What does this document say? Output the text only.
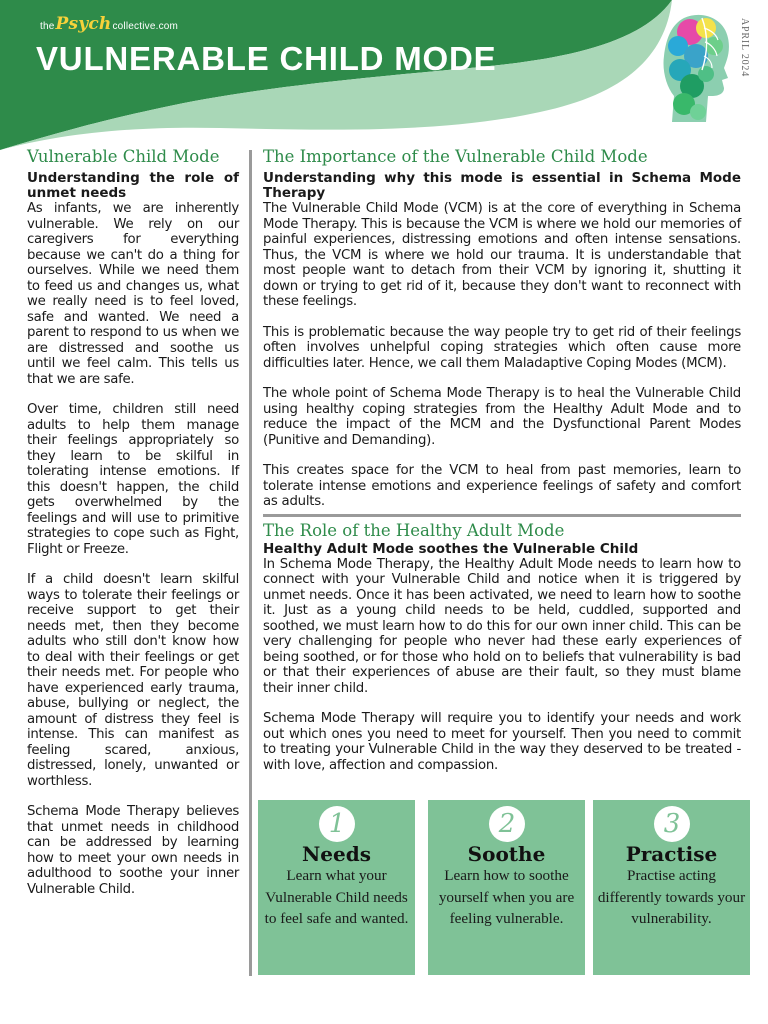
thePsychcollective.com
VULNERABLE CHILD MODE	APRIL 2024
Vulnerable Child Mode
Understanding the role of unmet needs

As infants, we are inherently vulnerable. We rely on our caregivers for everything because we can't do a thing for ourselves. While we need them to feed us and changes us, what we really need is to feel loved, safe and wanted. We need a parent to respond to us when we are distressed and soothe us until we feel calm. This tells us that we are safe.

Over time, children still need adults to help them manage their feelings appropriately so they learn to be skilful in tolerating intense emotions. If this doesn't happen, the child gets overwhelmed by the feelings and will use to primitive strategies to cope such as Fight, Flight or Freeze.

If a child doesn't learn skilful ways to tolerate their feelings or receive support to get their needs met, then they become adults who still don't know how to deal with their feelings or get their needs met. For people who have experienced early trauma, abuse, bullying or neglect, the amount of distress they feel is intense. This can manifest as feeling scared, anxious, distressed, lonely, unwanted or worthless.

Schema Mode Therapy believes that unmet needs in childhood can be addressed by learning how to meet your own needs in adulthood to soothe your inner Vulnerable Child.

The Importance of the Vulnerable Child Mode
Understanding why this mode is essential in Schema Mode Therapy

The Vulnerable Child Mode (VCM) is at the core of everything in Schema Mode Therapy. This is because the VCM is where we hold our memories of painful experiences, distressing emotions and often intense sensations. Thus, the VCM is where we hold our trauma. It is understandable that most people want to detach from their VCM by ignoring it, shutting it down or trying to get rid of it, because they don't want to reconnect with these feelings.

This is problematic because the way people try to get rid of their feelings often involves unhelpful coping strategies which often cause more difficulties later. Hence, we call them Maladaptive Coping Modes (MCM).

The whole point of Schema Mode Therapy is to heal the Vulnerable Child using healthy coping strategies from the Healthy Adult Mode and to reduce the impact of the MCM and the Dysfunctional Parent Modes (Punitive and Demanding).

This creates space for the VCM to heal from past memories, learn to tolerate intense emotions and experience feelings of safety and comfort as adults.

The Role of the Healthy Adult Mode
Healthy Adult Mode soothes the Vulnerable Child

In Schema Mode Therapy, the Healthy Adult Mode needs to learn how to connect with your Vulnerable Child and notice when it is triggered by unmet needs. Once it has been activated, we need to learn how to soothe it. Just as a young child needs to be held, cuddled, supported and soothed, we must learn how to do this for our own inner child. This can be very challenging for people who never had these early experiences of being soothed, or for those who hold on to beliefs that vulnerability is bad or that their experiences of abuse are their fault, so they must blame their inner child.

Schema Mode Therapy will require you to identify your needs and work out which ones you need to meet for yourself. Then you need to commit to treating your Vulnerable Child in the way they deserved to be treated - with love, affection and compassion.

1
Needs
Learn what your Vulnerable Child needs to feel safe and wanted.
2
Soothe
Learn how to soothe yourself when you are feeling vulnerable.
3
Practise
Practise acting differently towards your vulnerability.
